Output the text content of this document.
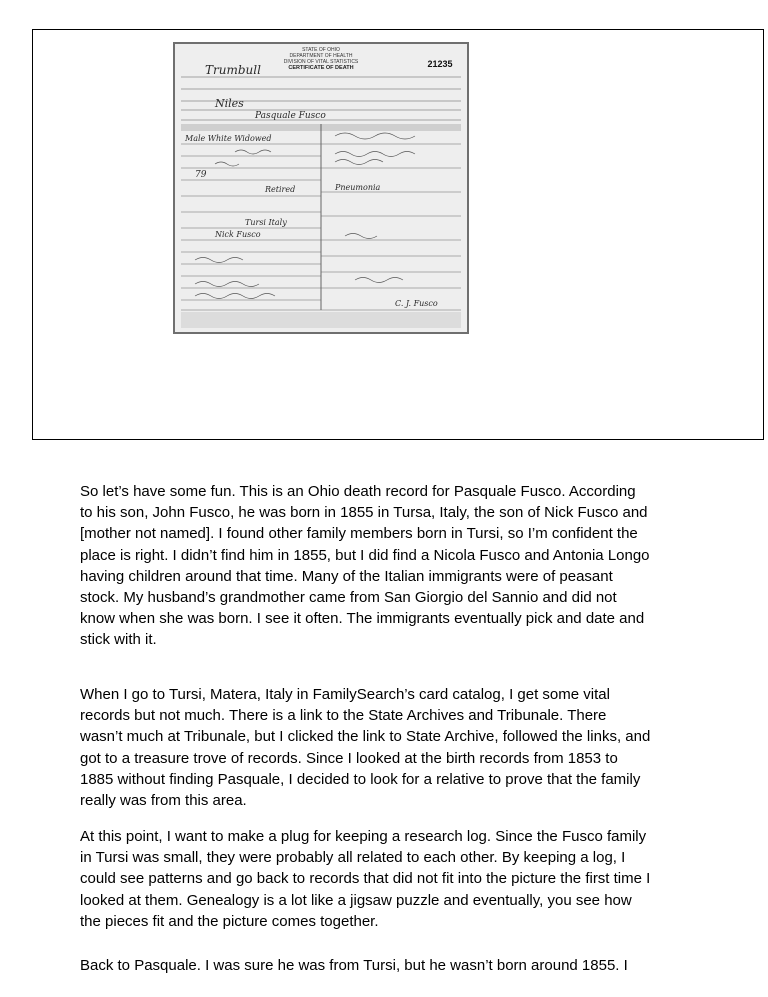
STATE OF OHIO
DEPARTMENT OF HEALTH
DIVISION OF VITAL STATISTICS
CERTIFICATE OF DEATH	21235
Trumbull
Niles
Pasquale Fusco
Male White Widowed
79
Retired
Tursi Italy
Nick Fusco
Pneumonia
C. J. Fusco

So let’s have some fun. This is an Ohio death record for Pasquale Fusco. According

to his son, John Fusco, he was born in 1855 in Tursa, Italy, the son of Nick Fusco and

[mother not named]. I found other family members born in Tursi, so I’m confident the

place is right. I didn’t find him in 1855, but I did find a Nicola Fusco and Antonia Longo

having children around that time. Many of the Italian immigrants were of peasant

stock. My husband’s grandmother came from San Giorgio del Sannio and did not

know when she was born. I see it often. The immigrants eventually pick and date and

stick with it.

When I go to Tursi, Matera, Italy in FamilySearch’s card catalog, I get some vital

records but not much. There is a link to the State Archives and Tribunale. There

wasn’t much at Tribunale, but I clicked the link to State Archive, followed the links, and

got to a treasure trove of records. Since I looked at the birth records from 1853 to

1885 without finding Pasquale, I decided to look for a relative to prove that the family

really was from this area.

At this point, I want to make a plug for keeping a research log. Since the Fusco family

in Tursi was small, they were probably all related to each other. By keeping a log, I

could see patterns and go back to records that did not fit into the picture the first time I

looked at them. Genealogy is a lot like a jigsaw puzzle and eventually, you see how

the pieces fit and the picture comes together.

Back to Pasquale. I was sure he was from Tursi, but he wasn’t born around 1855. I
